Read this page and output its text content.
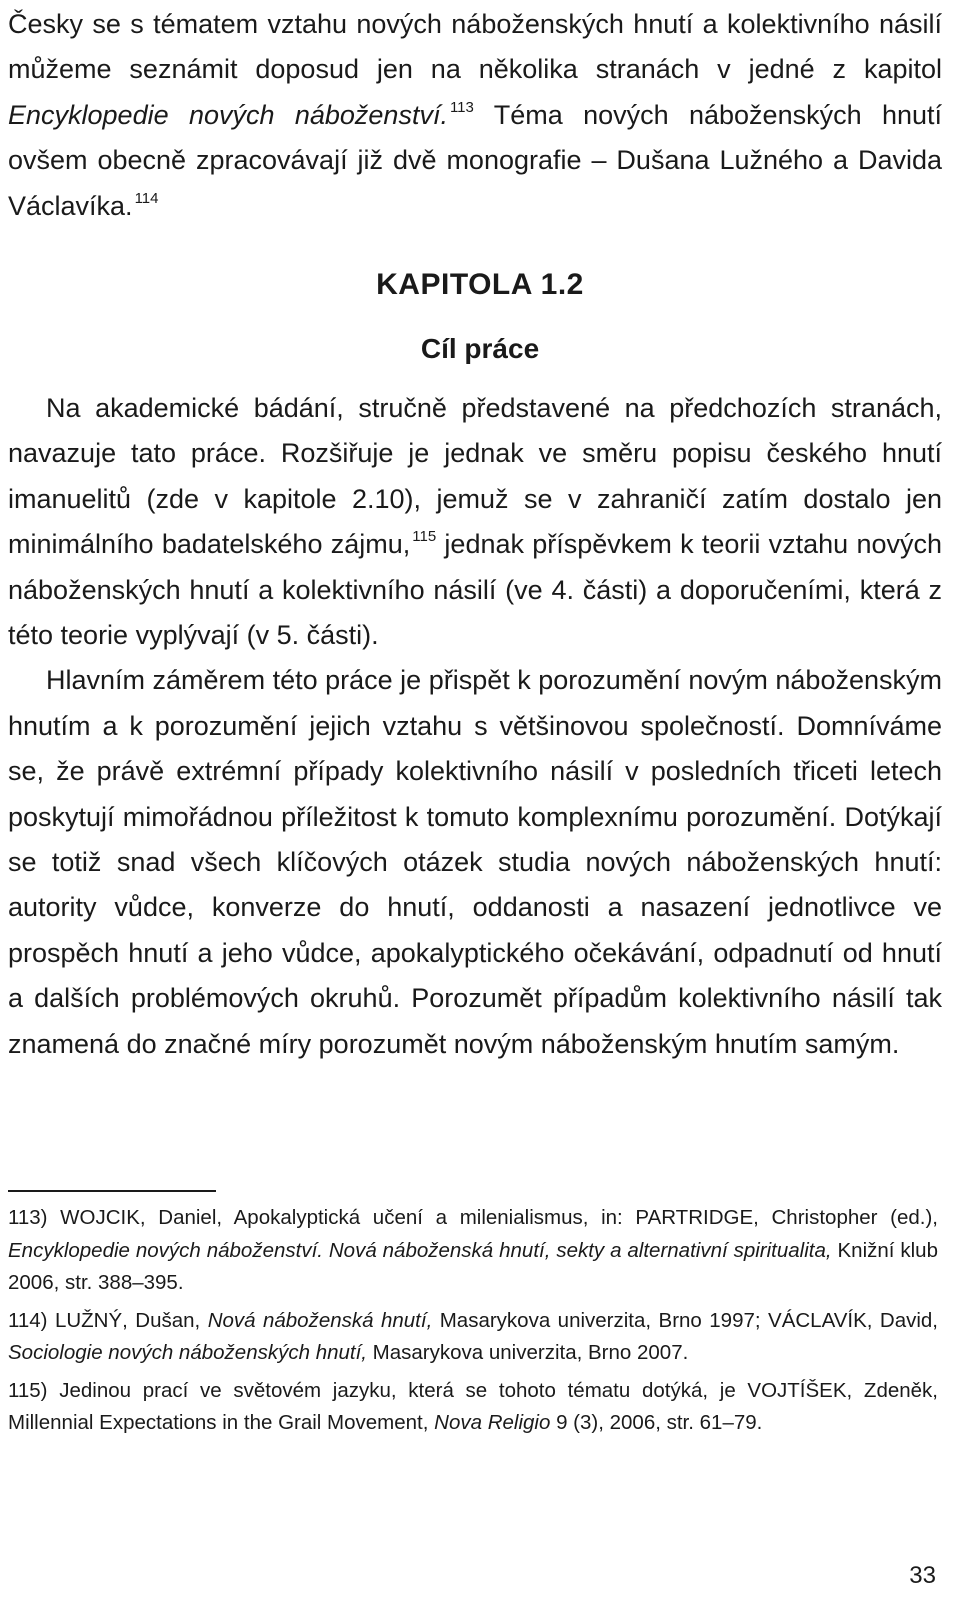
Česky se s tématem vztahu nových náboženských hnutí a kolektivního násilí můžeme seznámit doposud jen na několika stranách v jedné z kapitol Encyklopedie nových náboženství. $^{113}$ Téma nových náboženských hnutí ovšem obecně zpracovávají již dvě monografie – Dušana Lužného a Davida Václavíka. $^{114}$

KAPITOLA 1.2
Cíl práce

Na akademické bádání, stručně představené na předchozích stranách, navazuje tato práce. Rozšiřuje je jednak ve směru popisu českého hnutí imanuelitů (zde v kapitole 2.10), jemuž se v zahraničí zatím dostalo jen minimálního badatelského zájmu, $^{115}$ jednak příspěvkem k teorii vztahu nových náboženských hnutí a kolektivního násilí (ve 4. části) a doporučeními, která z této teorie vyplývají (v 5. části).

Hlavním záměrem této práce je přispět k porozumění novým náboženským hnutím a k porozumění jejich vztahu s většinovou společností. Domníváme se, že právě extrémní případy kolektivního násilí v posledních třiceti letech poskytují mimořádnou příležitost k tomuto komplexnímu porozumění. Dotýkají se totiž snad všech klíčových otázek studia nových náboženských hnutí: autority vůdce, konverze do hnutí, oddanosti a nasazení jednotlivce ve prospěch hnutí a jeho vůdce, apokalyptického očekávání, odpadnutí od hnutí a dalších problémových okruhů. Porozumět případům kolektivního násilí tak znamená do značné míry porozumět novým náboženským hnutím samým.

113) WOJCIK, Daniel, Apokalyptická učení a milenialismus, in: PARTRIDGE, Christopher (ed.), Encyklopedie nových náboženství. Nová náboženská hnutí, sekty a alternativní spiritualita, Knižní klub 2006, str. 388–395.

114) LUŽNÝ, Dušan, Nová náboženská hnutí, Masarykova univerzita, Brno 1997; VÁCLAVÍK, David, Sociologie nových náboženských hnutí, Masarykova univerzita, Brno 2007.

115) Jedinou prací ve světovém jazyku, která se tohoto tématu dotýká, je VOJTÍŠEK, Zdeněk, Millennial Expectations in the Grail Movement, Nova Religio 9 (3), 2006, str. 61–79.

33
